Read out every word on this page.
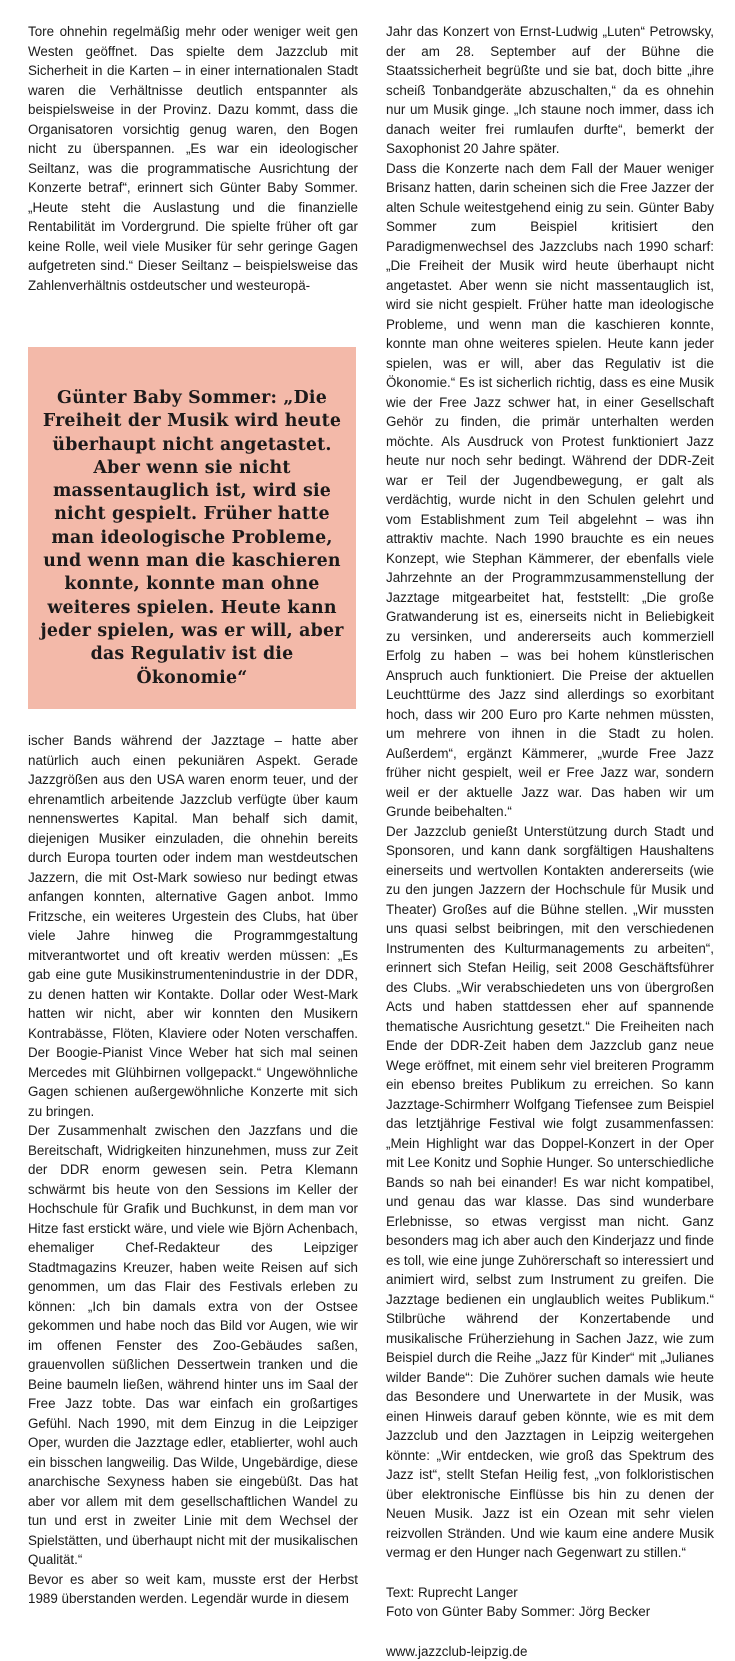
Tore ohnehin regelmäßig mehr oder weniger weit gen Westen geöffnet. Das spielte dem Jazzclub mit Sicherheit in die Karten – in einer internationalen Stadt waren die Verhältnisse deutlich entspannter als beispielsweise in der Provinz. Dazu kommt, dass die Organisatoren vorsichtig genug waren, den Bogen nicht zu überspannen. „Es war ein ideologischer Seiltanz, was die programmatische Ausrichtung der Konzerte betraf“, erinnert sich Günter Baby Sommer. „Heute steht die Auslastung und die finanzielle Rentabilität im Vordergrund. Die spielte früher oft gar keine Rolle, weil viele Musiker für sehr geringe Gagen aufgetreten sind.“ Dieser Seiltanz – beispielsweise das Zahlenverhältnis ostdeutscher und westeuropä-

Günter Baby Sommer: „Die Freiheit der Musik wird heute überhaupt nicht angetastet. Aber wenn sie nicht massentauglich ist, wird sie nicht gespielt. Früher hatte man ideologische Probleme, und wenn man die kaschieren konnte, konnte man ohne weiteres spielen. Heute kann jeder spielen, was er will, aber das Regulativ ist die Ökonomie“

ischer Bands während der Jazztage – hatte aber natürlich auch einen pekuniären Aspekt. Gerade Jazzgrößen aus den USA waren enorm teuer, und der ehrenamtlich arbeitende Jazzclub verfügte über kaum nennenswertes Kapital. Man behalf sich damit, diejenigen Musiker einzuladen, die ohnehin bereits durch Europa tourten oder indem man westdeutschen Jazzern, die mit Ost-Mark sowieso nur bedingt etwas anfangen konnten, alternative Gagen anbot. Immo Fritzsche, ein weiteres Urgestein des Clubs, hat über viele Jahre hinweg die Programmgestaltung mitverantwortet und oft kreativ werden müssen: „Es gab eine gute Musikinstrumentenindustrie in der DDR, zu denen hatten wir Kontakte. Dollar oder West-Mark hatten wir nicht, aber wir konnten den Musikern Kontrabässe, Flöten, Klaviere oder Noten verschaffen. Der Boogie-Pianist Vince Weber hat sich mal seinen Mercedes mit Glühbirnen vollgepackt.“ Ungewöhnliche Gagen schienen außergewöhnliche Konzerte mit sich zu bringen.

Der Zusammenhalt zwischen den Jazzfans und die Bereitschaft, Widrigkeiten hinzunehmen, muss zur Zeit der DDR enorm gewesen sein. Petra Klemann schwärmt bis heute von den Sessions im Keller der Hochschule für Grafik und Buchkunst, in dem man vor Hitze fast erstickt wäre, und viele wie Björn Achenbach, ehemaliger Chef-Redakteur des Leipziger Stadtmagazins Kreuzer, haben weite Reisen auf sich genommen, um das Flair des Festivals erleben zu können: „Ich bin damals extra von der Ostsee gekommen und habe noch das Bild vor Augen, wie wir im offenen Fenster des Zoo-Gebäudes saßen, grauenvollen süßlichen Dessertwein tranken und die Beine baumeln ließen, während hinter uns im Saal der Free Jazz tobte. Das war einfach ein großartiges Gefühl. Nach 1990, mit dem Einzug in die Leipziger Oper, wurden die Jazztage edler, etablierter, wohl auch ein bisschen langweilig. Das Wilde, Ungebärdige, diese anarchische Sexyness haben sie eingebüßt. Das hat aber vor allem mit dem gesellschaftlichen Wandel zu tun und erst in zweiter Linie mit dem Wechsel der Spielstätten, und überhaupt nicht mit der musikalischen Qualität.“

Bevor es aber so weit kam, musste erst der Herbst 1989 überstanden werden. Legendär wurde in diesem

Jahr das Konzert von Ernst-Ludwig „Luten“ Petrowsky, der am 28. September auf der Bühne die Staatssicherheit begrüßte und sie bat, doch bitte „ihre scheiß Tonbandgeräte abzuschalten,“ da es ohnehin nur um Musik ginge. „Ich staune noch immer, dass ich danach weiter frei rumlaufen durfte“, bemerkt der Saxophonist 20 Jahre später.

Dass die Konzerte nach dem Fall der Mauer weniger Brisanz hatten, darin scheinen sich die Free Jazzer der alten Schule weitestgehend einig zu sein. Günter Baby Sommer zum Beispiel kritisiert den Paradigmenwechsel des Jazzclubs nach 1990 scharf: „Die Freiheit der Musik wird heute überhaupt nicht angetastet. Aber wenn sie nicht massentauglich ist, wird sie nicht gespielt. Früher hatte man ideologische Probleme, und wenn man die kaschieren konnte, konnte man ohne weiteres spielen. Heute kann jeder spielen, was er will, aber das Regulativ ist die Ökonomie.“ Es ist sicherlich richtig, dass es eine Musik wie der Free Jazz schwer hat, in einer Gesellschaft Gehör zu finden, die primär unterhalten werden möchte. Als Ausdruck von Protest funktioniert Jazz heute nur noch sehr bedingt. Während der DDR-Zeit war er Teil der Jugendbewegung, er galt als verdächtig, wurde nicht in den Schulen gelehrt und vom Establishment zum Teil abgelehnt – was ihn attraktiv machte. Nach 1990 brauchte es ein neues Konzept, wie Stephan Kämmerer, der ebenfalls viele Jahrzehnte an der Programmzusammenstellung der Jazztage mitgearbeitet hat, feststellt: „Die große Gratwanderung ist es, einerseits nicht in Beliebigkeit zu versinken, und andererseits auch kommerziell Erfolg zu haben – was bei hohem künstlerischen Anspruch auch funktioniert. Die Preise der aktuellen Leuchttürme des Jazz sind allerdings so exorbitant hoch, dass wir 200 Euro pro Karte nehmen müssten, um mehrere von ihnen in die Stadt zu holen. Außerdem“, ergänzt Kämmerer, „wurde Free Jazz früher nicht gespielt, weil er Free Jazz war, sondern weil er der aktuelle Jazz war. Das haben wir um Grunde beibehalten.“

Der Jazzclub genießt Unterstützung durch Stadt und Sponsoren, und kann dank sorgfältigen Haushaltens einerseits und wertvollen Kontakten andererseits (wie zu den jungen Jazzern der Hochschule für Musik und Theater) Großes auf die Bühne stellen. „Wir mussten uns quasi selbst beibringen, mit den verschiedenen Instrumenten des Kulturmanagements zu arbeiten“, erinnert sich Stefan Heilig, seit 2008 Geschäftsführer des Clubs. „Wir verabschiedeten uns von übergroßen Acts und haben stattdessen eher auf spannende thematische Ausrichtung gesetzt.“ Die Freiheiten nach Ende der DDR-Zeit haben dem Jazzclub ganz neue Wege eröffnet, mit einem sehr viel breiteren Programm ein ebenso breites Publikum zu erreichen. So kann Jazztage-Schirmherr Wolfgang Tiefensee zum Beispiel das letztjährige Festival wie folgt zusammenfassen: „Mein Highlight war das Doppel-Konzert in der Oper mit Lee Konitz und Sophie Hunger. So unterschiedliche Bands so nah bei einander! Es war nicht kompatibel, und genau das war klasse. Das sind wunderbare Erlebnisse, so etwas vergisst man nicht. Ganz besonders mag ich aber auch den Kinderjazz und finde es toll, wie eine junge Zuhörerschaft so interessiert und animiert wird, selbst zum Instrument zu greifen. Die Jazztage bedienen ein unglaublich weites Publikum.“ Stilbrüche während der Konzertabende und musikalische Früherziehung in Sachen Jazz, wie zum Beispiel durch die Reihe „Jazz für Kinder“ mit „Julianes wilder Bande“: Die Zuhörer suchen damals wie heute das Besondere und Unerwartete in der Musik, was einen Hinweis darauf geben könnte, wie es mit dem Jazzclub und den Jazztagen in Leipzig weitergehen könnte: „Wir entdecken, wie groß das Spektrum des Jazz ist“, stellt Stefan Heilig fest, „von folkloristischen über elektronische Einflüsse bis hin zu denen der Neuen Musik. Jazz ist ein Ozean mit sehr vielen reizvollen Stränden. Und wie kaum eine andere Musik vermag er den Hunger nach Gegenwart zu stillen.“

Text: Ruprecht Langer
Foto von Günter Baby Sommer: Jörg Becker
www.jazzclub-leipzig.de
